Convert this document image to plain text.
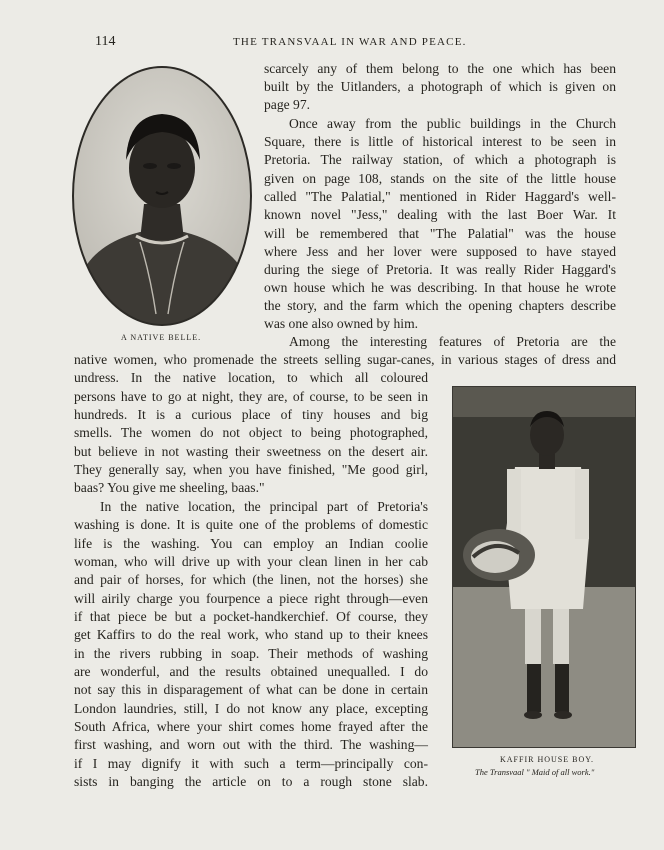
114	THE TRANSVAAL IN WAR AND PEACE.
A NATIVE BELLE.
KAFFIR HOUSE BOY.
The Transvaal " Maid of all work."
scarcely any of them belong to the one which has been
built by the Uitlanders, a photograph of which is given on
page 97.
Once away from the public buildings in the Church
Square, there is little of historical interest to be seen in
Pretoria. The railway station, of which a photograph is
given on page 108, stands on the site of the little house
called "The Palatial," mentioned in Rider Haggard's well-
known novel "Jess," dealing with the last Boer War. It
will be remembered that "The Palatial" was the house
where Jess and her lover were supposed to have stayed
during the siege of Pretoria. It was really Rider Haggard's
own house which he was describing. In that house he wrote
the story, and the farm which the opening chapters describe
was one also owned by him.
Among the interesting features of Pretoria are the
native women, who promenade the streets selling sugar-canes, in various stages of dress and
undress. In the native location, to which all coloured
persons have to go at night, they are, of course, to be seen in
hundreds. It is a curious place of tiny houses and big
smells. The women do not object to being photographed,
but believe in not wasting their sweetness on the desert air.
They generally say, when you have finished, "Me good girl,
baas? You give me sheeling, baas."
In the native location, the principal part of Pretoria's
washing is done. It is quite one of the problems of domestic
life is the washing. You can employ an Indian coolie
woman, who will drive up with your clean linen in her cab
and pair of horses, for which (the linen, not the horses) she
will airily charge you fourpence a piece right through—even
if that piece be but a pocket-handkerchief. Of course, they
get Kaffirs to do the real work, who stand up to their knees
in the rivers rubbing in soap. Their methods of washing
are wonderful, and the results obtained unequalled. I do
not say this in disparagement of what can be done in certain
London laundries, still, I do not know any place, excepting
South Africa, where your shirt comes home frayed after the
first washing, and worn out with the third. The washing—
if I may dignify it with such a term—principally con-
sists in banging the article on to a rough stone slab.
